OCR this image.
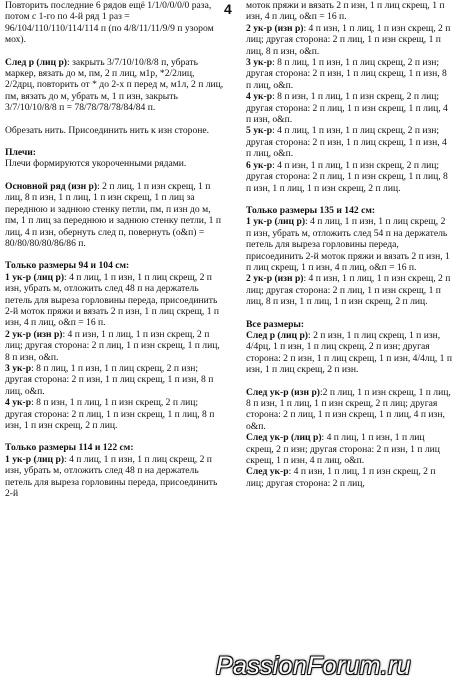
4

Повторить последние 6 рядов ещё 1/1/0/0/0/0 раза, потом с 1-го по 4-й ряд 1 раз = 96/104/110/110/114/114 п (по 4/8/11/11/9/9 п узором мох).

След р (лиц р): закрыть 3/7/10/10/8/8 п, убрать маркер, вязать до м, пм, 2 п лиц, м1р, *2/2лиц, 2/2дрц, повторить от * до 2-х п перед м, м1л, 2 п лиц, пм, вязать до м, убрать м, 1 п изн, закрыть 3/7/10/10/8/8 п = 78/78/78/78/84/84 п.

Обрезать нить. Присоединить нить к изн стороне.

Плечи:

Плечи формируются укороченными рядами.

Основной ряд (изн р): 2 п лиц, 1 п изн скрещ, 1 п лиц, 8 п изн, 1 п лиц, 1 п изн скрещ, 1 п лиц за переднюю и заднюю стенку петли, пм, п изн до м, пм, 1 п лиц за переднюю и заднюю стенку петли, 1 п лиц, 4 п изн, обернуть след п, повернуть (о&п) = 80/80/80/80/86/86 п.

Только размеры 94 и 104 см:

1 ук-р (лиц р): 4 п лиц, 1 п изн, 1 п лиц скрещ, 2 п изн, убрать м, отложить след 48 п на держатель петель для выреза горловины переда, присоединить 2-й моток пряжи и вязать 2 п изн, 1 п лиц скрещ, 1 п изн, 4 п лиц, о&п = 16 п.

2 ук-р (изн р): 4 п изн, 1 п лиц, 1 п изн скрещ, 2 п лиц; другая сторона: 2 п лиц, 1 п изн скрещ, 1 п лиц, 8 п изн, о&п.

3 ук-р: 8 п лиц, 1 п изн, 1 п лиц скрещ, 2 п изн; другая сторона: 2 п изн, 1 п лиц скрещ, 1 п изн, 8 п лиц, о&п.

4 ук-р: 8 п изн, 1 п лиц, 1 п изн скрещ, 2 п лиц; другая сторона: 2 п лиц, 1 п изн скрещ, 1 п лиц, 8 п изн, 1 п изн скрещ, 2 п лиц.

Только размеры 114 и 122 см:

1 ук-р (лиц р): 4 п лиц, 1 п изн, 1 п лиц скрещ, 2 п изн, убрать м, отложить след 48 п на держатель петель для выреза горловины переда, присоединить 2-й

моток пряжи и вязать 2 п изн, 1 п лиц скрещ, 1 п изн, 4 п лиц, о&п = 16 п.

2 ук-р (изн р): 4 п изн, 1 п лиц, 1 п изн скрещ, 2 п лиц; другая сторона: 2 п лиц, 1 п изн скрещ, 1 п лиц, 8 п изн, о&п.

3 ук-р: 8 п лиц, 1 п изн, 1 п лиц скрещ, 2 п изн; другая сторона: 2 п изн, 1 п лиц скрещ, 1 п изн, 8 п лиц, о&п.

4 ук-р: 8 п изн, 1 п лиц, 1 п изн скрещ, 2 п лиц; другая сторона: 2 п лиц, 1 п изн скрещ, 1 п лиц, 4 п изн, о&п.

5 ук-р: 4 п лиц, 1 п изн, 1 п лиц скрещ, 2 п изн; другая сторона: 2 п изн, 1 п лиц скрещ, 1 п изн, 4 п лиц, о&п.

6 ук-р: 4 п изн, 1 п лиц, 1 п изн скрещ, 2 п лиц; другая сторона: 2 п лиц, 1 п изн скрещ, 1 п лиц, 8 п изн, 1 п лиц, 1 п изн скрещ, 2 п лиц.

Только размеры 135 и 142 см:

1 ук-р (лиц р): 4 п лиц, 1 п изн, 1 п лиц скрещ, 2 п изн, убрать м, отложить след 54 п на держатель петель для выреза горловины переда, присоединить 2-й моток пряжи и вязать 2 п изн, 1 п лиц скрещ, 1 п изн, 4 п лиц, о&п = 16 п.

2 ук-р (изн р): 4 п изн, 1 п лиц, 1 п изн скрещ, 2 п лиц; другая сторона: 2 п лиц, 1 п изн скрещ, 1 п лиц, 8 п изн, 1 п лиц, 1 п изн скрещ, 2 п лиц.

Все размеры:

След р (лиц р): 2 п изн, 1 п лиц скрещ, 1 п изн, 4/4рц, 1 п изн, 1 п лиц скрещ, 2 п изн; другая сторона: 2 п изн, 1 п лиц скрещ, 1 п изн, 4/4лц, 1 п изн, 1 п лиц скрещ, 2 п изн.

След ук-р (изн р):2 п лиц, 1 п изн скрещ, 1 п лиц, 8 п изн, 1 п лиц, 1 п изн скрещ, 2 п лиц; другая сторона: 2 п лиц, 1 п изн скрещ, 1 п лиц, 4 п изн, о&п.

След ук-р (лиц р): 4 п лиц, 1 п изн, 1 п лиц скрещ, 2 п изн; другая сторона: 2 п изн, 1 п лиц скрещ, 1 п изн, 4 п лиц, о&п.

След ук-р: 4 п изн, 1 п лиц, 1 п изн скрещ, 2 п лиц; другая сторона: 2 п лиц,

PassionForum.ru
